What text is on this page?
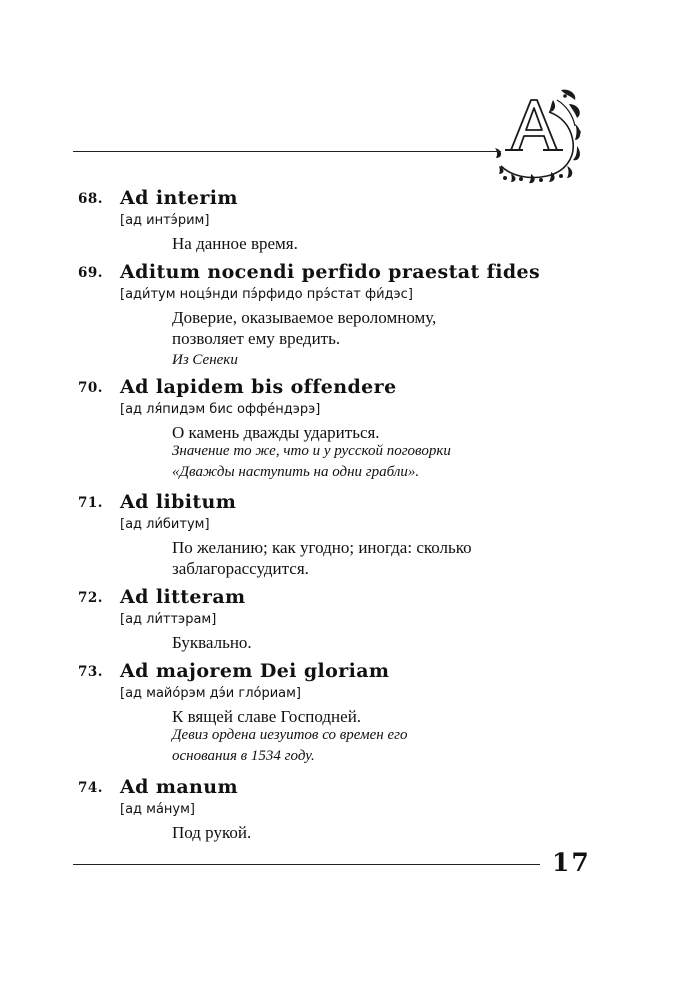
68. Ad interim
[ад интэ́рим]
На данное время.
69. Aditum nocendi perfido praestat fides
[ади́тум ноцэ́нди пэ́рфидо прэ́стат фи́дэс]
Доверие, оказываемое вероломному,
позволяет ему вредить.
Из Сенеки
70. Ad lapidem bis offendere
[ад ля́пидэм бис оффе́ндэрэ]
О камень дважды удариться.
Значение то же, что и у русской поговорки
«Дважды наступить на одни грабли».
71. Ad libitum
[ад ли́битум]
По желанию; как угодно; иногда: сколько
заблагорассудится.
72. Ad litteram
[ад ли́ттэрам]
Буквально.
73. Ad majorem Dei gloriam
[ад майо́рэм дэ́и гло́риам]
К вящей славе Господней.
Девиз ордена иезуитов со времен его
основания в 1534 году.
74. Ad manum
[ад ма́нум]
Под рукой.
17
